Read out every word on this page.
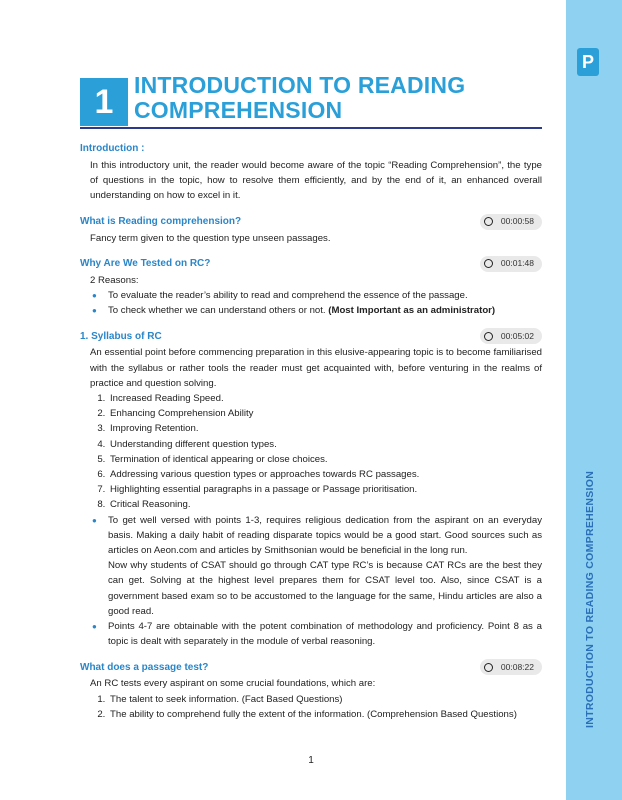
P
INTRODUCTION TO READING COMPREHENSION
1 INTRODUCTION TO READING
COMPREHENSION
Introduction :
In this introductory unit, the reader would become aware of the topic “Reading Comprehension”, the type of questions in the topic, how to resolve them efficiently, and by the end of it, an enhanced overall understanding on how to excel in it.
What is Reading comprehension?	00:00:58
Fancy term given to the question type unseen passages.
Why Are We Tested on RC?	00:01:48
2 Reasons:
● To evaluate the reader’s ability to read and comprehend the essence of the passage.
● To check whether we can understand others or not. (Most Important as an administrator)
1. Syllabus of RC	00:05:02
An essential point before commencing preparation in this elusive-appearing topic is to become familiarised with the syllabus or rather tools the reader must get acquainted with, before venturing in the realms of practice and question solving.
1. Increased Reading Speed.
2. Enhancing Comprehension Ability
3. Improving Retention.
4. Understanding different question types.
5. Termination of identical appearing or close choices.
6. Addressing various question types or approaches towards RC passages.
7. Highlighting essential paragraphs in a passage or Passage prioritisation.
8. Critical Reasoning.
● To get well versed with points 1-3, requires religious dedication from the aspirant on an everyday basis. Making a daily habit of reading disparate topics would be a good start. Good sources such as articles on Aeon.com and articles by Smithsonian would be beneficial in the long run.
Now why students of CSAT should go through CAT type RC’s is because CAT RCs are the best they can get. Solving at the highest level prepares them for CSAT level too. Also, since CSAT is a government based exam so to be accustomed to the language for the same, Hindu articles are also a good read.
● Points 4-7 are obtainable with the potent combination of methodology and proficiency. Point 8 as a topic is dealt with separately in the module of verbal reasoning.
What does a passage test?	00:08:22
An RC tests every aspirant on some crucial foundations, which are:
1. The talent to seek information. (Fact Based Questions)
2. The ability to comprehend fully the extent of the information. (Comprehension Based Questions)
1
